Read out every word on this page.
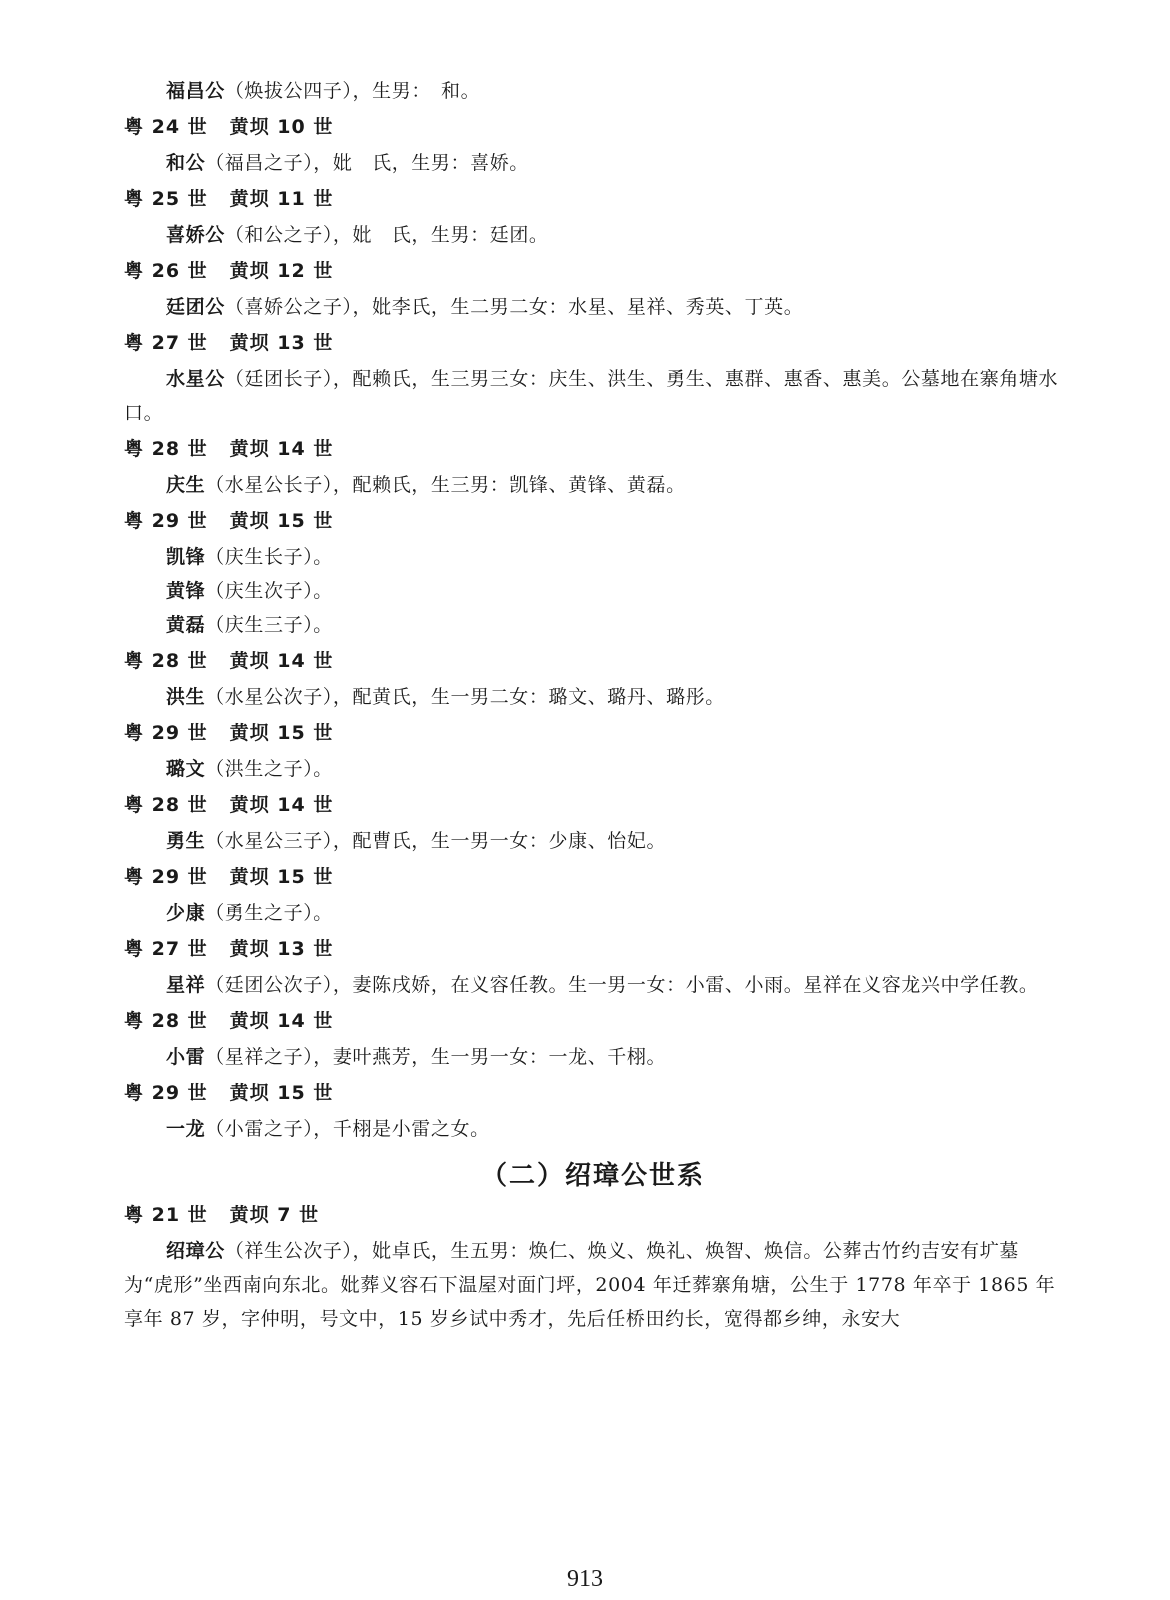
福昌公（焕拔公四子），生男：　和。

粤 24 世 黄坝 10 世

和公（福昌之子），妣　氏，生男：喜娇。

粤 25 世 黄坝 11 世

喜娇公（和公之子），妣　氏，生男：廷团。

粤 26 世 黄坝 12 世

廷团公（喜娇公之子），妣李氏，生二男二女：水星、星祥、秀英、丁英。

粤 27 世 黄坝 13 世

水星公（廷团长子），配赖氏，生三男三女：庆生、洪生、勇生、惠群、惠香、惠美。公墓地在寨角塘水口。

粤 28 世 黄坝 14 世

庆生（水星公长子），配赖氏，生三男：凯锋、黄锋、黄磊。

粤 29 世 黄坝 15 世

凯锋（庆生长子）。

黄锋（庆生次子）。

黄磊（庆生三子）。

粤 28 世 黄坝 14 世

洪生（水星公次子），配黄氏，生一男二女：璐文、璐丹、璐彤。

粤 29 世 黄坝 15 世

璐文（洪生之子）。

粤 28 世 黄坝 14 世

勇生（水星公三子），配曹氏，生一男一女：少康、怡妃。

粤 29 世 黄坝 15 世

少康（勇生之子）。

粤 27 世 黄坝 13 世

星祥（廷团公次子），妻陈戌娇，在义容任教。生一男一女：小雷、小雨。星祥在义容龙兴中学任教。

粤 28 世 黄坝 14 世

小雷（星祥之子），妻叶燕芳，生一男一女：一龙、千栩。

粤 29 世 黄坝 15 世

一龙（小雷之子），千栩是小雷之女。

（二）绍璋公世系
粤 21 世 黄坝 7 世

绍璋公（祥生公次子），妣卓氏，生五男：焕仁、焕义、焕礼、焕智、焕信。公葬古竹约吉安有圹墓为“虎形”坐西南向东北。妣葬义容石下温屋对面门坪，2004 年迁葬寨角塘，公生于 1778 年卒于 1865 年享年 87 岁，字仲明，号文中，15 岁乡试中秀才，先后任桥田约长，宽得都乡绅，永安大

913
